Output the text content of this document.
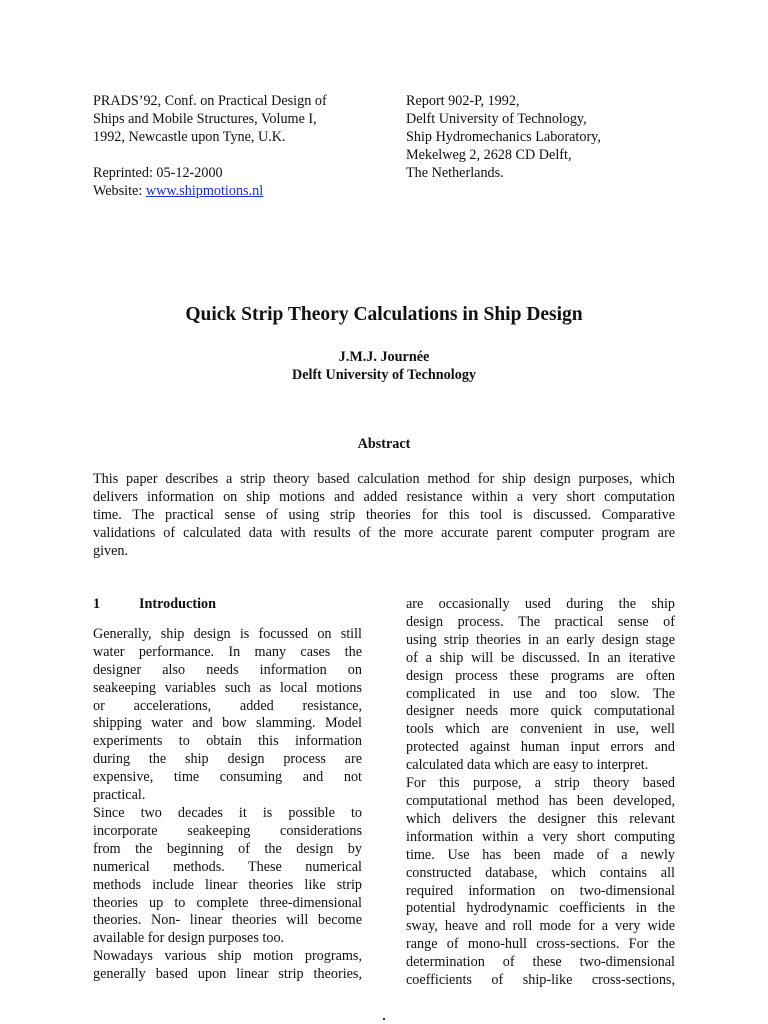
PRADS’92, Conf. on Practical Design of
Ships and Mobile Structures, Volume I,
1992, Newcastle upon Tyne, U.K.
Reprinted: 05-12-2000
Website: www.shipmotions.nl
Report 902-P, 1992,
Delft University of Technology,
Ship Hydromechanics Laboratory,
Mekelweg 2, 2628 CD Delft,
The Netherlands.
Quick Strip Theory Calculations in Ship Design
J.M.J. Journée
Delft University of Technology
Abstract
This paper describes a strip theory based calculation method for ship design purposes, which
delivers information on ship motions and added resistance within a very short computation
time. The practical sense of using strip theories for this tool is discussed. Comparative
validations of calculated data with results of the more accurate parent computer program are
given.
1	Introduction
Generally, ship design is focussed on still
water performance. In many cases the
designer also needs information on
seakeeping variables such as local motions
or accelerations, added resistance,
shipping water and bow slamming. Model
experiments to obtain this information
during the ship design process are
expensive, time consuming and not
practical.
Since two decades it is possible to
incorporate seakeeping considerations
from the beginning of the design by
numerical methods. These numerical
methods include linear theories like strip
theories up to complete three-dimensional
theories. Non- linear theories will become
available for design purposes too.
Nowadays various ship motion programs,
generally based upon linear strip theories,
are occasionally used during the ship
design process. The practical sense of
using strip theories in an early design stage
of a ship will be discussed. In an iterative
design process these programs are often
complicated in use and too slow. The
designer needs more quick computational
tools which are convenient in use, well
protected against human input errors and
calculated data which are easy to interpret.
For this purpose, a strip theory based
computational method has been developed,
which delivers the designer this relevant
information within a very short computing
time. Use has been made of a newly
constructed database, which contains all
required information on two-dimensional
potential hydrodynamic coefficients in the
sway, heave and roll mode for a very wide
range of mono-hull cross-sections. For the
determination of these two-dimensional
coefficients of ship-like cross-sections,
